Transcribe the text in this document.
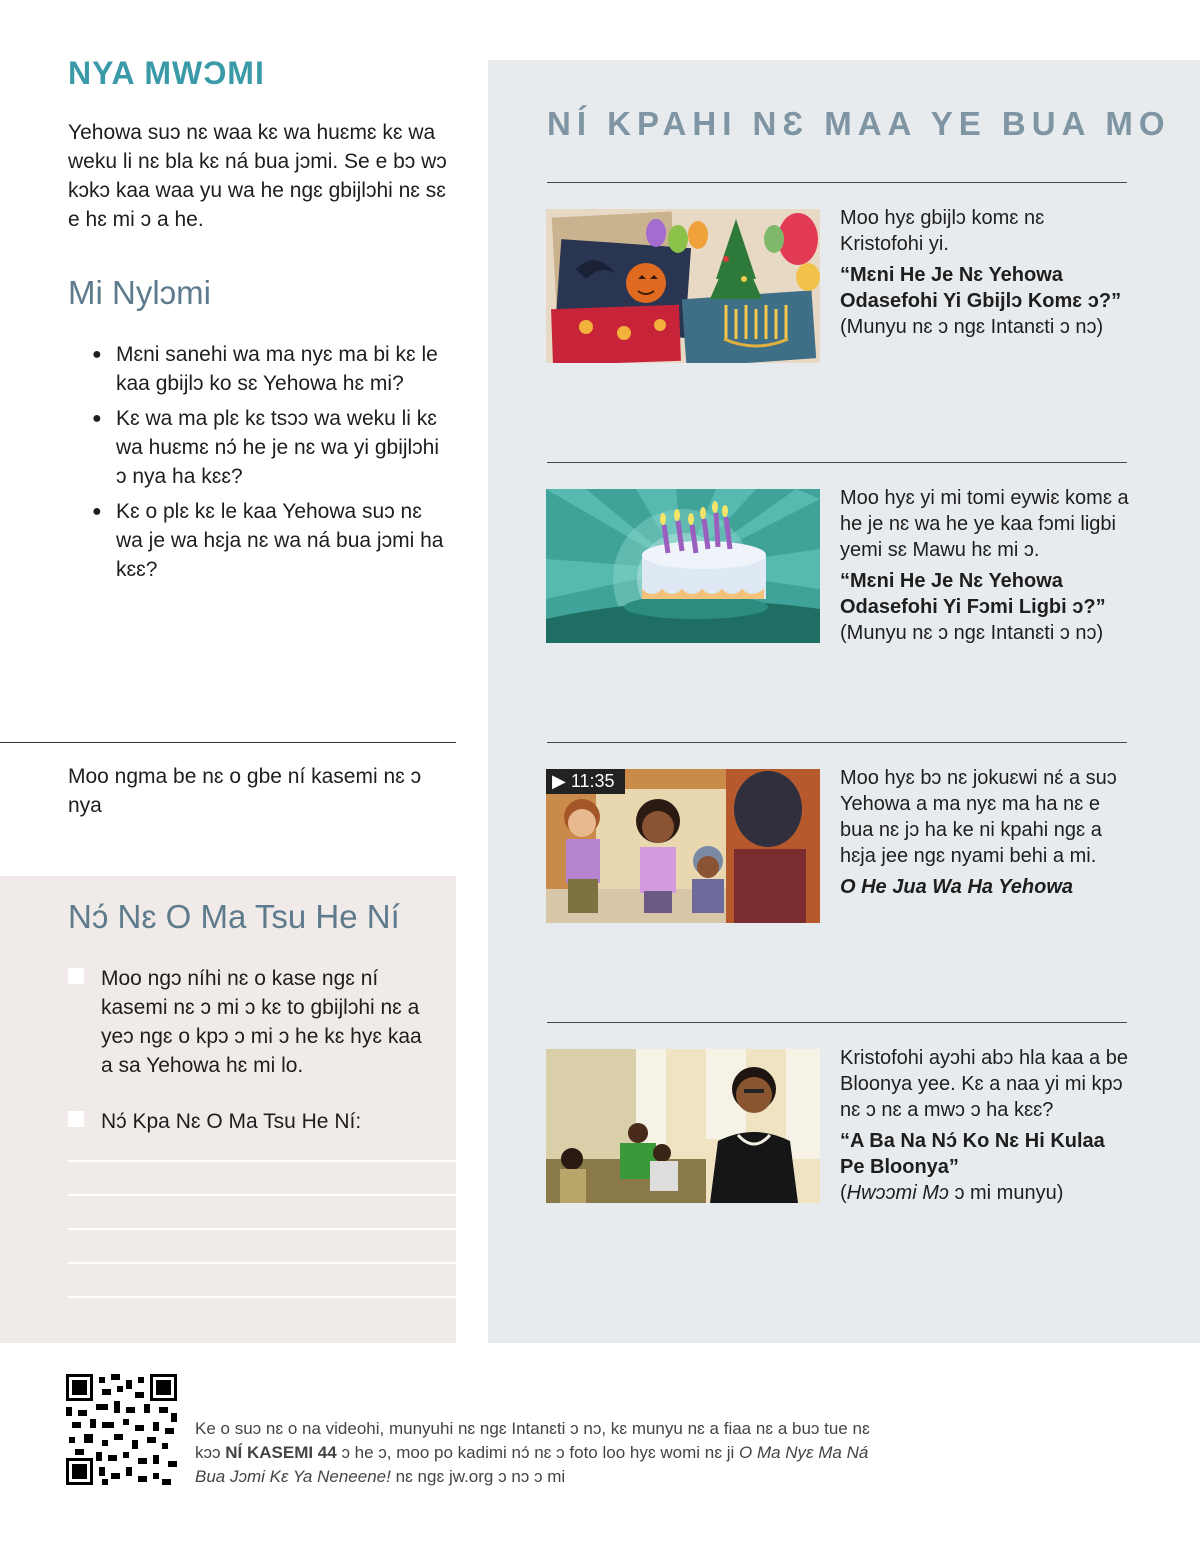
NYA MWƆMI

Yehowa suɔ nɛ waa kɛ wa huɛmɛ kɛ wa weku li nɛ bla kɛ ná bua jɔmi. Se e bɔ wɔ kɔkɔ kaa waa yu wa he ngɛ gbijlɔhi nɛ sɛ e hɛ mi ɔ a he.

Mi Nylɔmi
● Mɛni sanehi wa ma nyɛ ma bi kɛ le kaa gbijlɔ ko sɛ Yehowa hɛ mi?
● Kɛ wa ma plɛ kɛ tsɔɔ wa weku li kɛ wa huɛmɛ nɔ́ he je nɛ wa yi gbijlɔhi ɔ nya ha kɛɛ?
● Kɛ o plɛ kɛ le kaa Yehowa suɔ nɛ wa je wa hɛja nɛ wa ná bua jɔmi ha kɛɛ?

Moo ngma be nɛ o gbe ní kasemi nɛ ɔ nya

Nɔ́ Nɛ O Ma Tsu He Ní

Moo ngɔ níhi nɛ o kase ngɛ ní kasemi nɛ ɔ mi ɔ kɛ to gbijlɔhi nɛ a yeɔ ngɛ o kpɔ ɔ mi ɔ he kɛ hyɛ kaa a sa Yehowa hɛ mi lo.

Nɔ́ Kpa Nɛ O Ma Tsu He Ní:

NÍ KPAHI NƐ MAA YE BUA MO

Moo hyɛ gbijlɔ komɛ nɛ Kristofohi yi.

“Mɛni He Je Nɛ Yehowa Odasefohi Yi Gbijlɔ Komɛ ɔ?”

(Munyu nɛ ɔ ngɛ Intanɛti ɔ nɔ)

Moo hyɛ yi mi tomi eywiɛ komɛ a he je nɛ wa he ye kaa fɔmi ligbi yemi sɛ Mawu hɛ mi ɔ.

“Mɛni He Je Nɛ Yehowa Odasefohi Yi Fɔmi Ligbi ɔ?”

(Munyu nɛ ɔ ngɛ Intanɛti ɔ nɔ)

▶ 11:35	Moo hyɛ bɔ nɛ jokuɛwi nɛ́ a suɔ Yehowa a ma nyɛ ma ha nɛ e bua nɛ jɔ ha ke ni kpahi ngɛ a hɛja jee ngɛ nyami behi a mi.

O He Jua Wa Ha Yehowa

Kristofohi ayɔhi abɔ hla kaa a be Bloonya yee. Kɛ a naa yi mi kpɔ nɛ ɔ nɛ a mwɔ ɔ ha kɛɛ?

“A Ba Na Nɔ́ Ko Nɛ Hi Kulaa Pe Bloonya”

(Hwɔɔmi Mɔ ɔ mi munyu)

Ke o suɔ nɛ o na videohi, munyuhi nɛ ngɛ Intanɛti ɔ nɔ, kɛ munyu nɛ a fiaa nɛ a buɔ tue nɛ kɔɔ NÍ KASEMI 44 ɔ he ɔ, moo po kadimi nɔ́ nɛ ɔ foto loo hyɛ womi nɛ ji O Ma Nyɛ Ma Ná Bua Jɔmi Kɛ Ya Neneene! nɛ ngɛ jw.org ɔ nɔ ɔ mi
